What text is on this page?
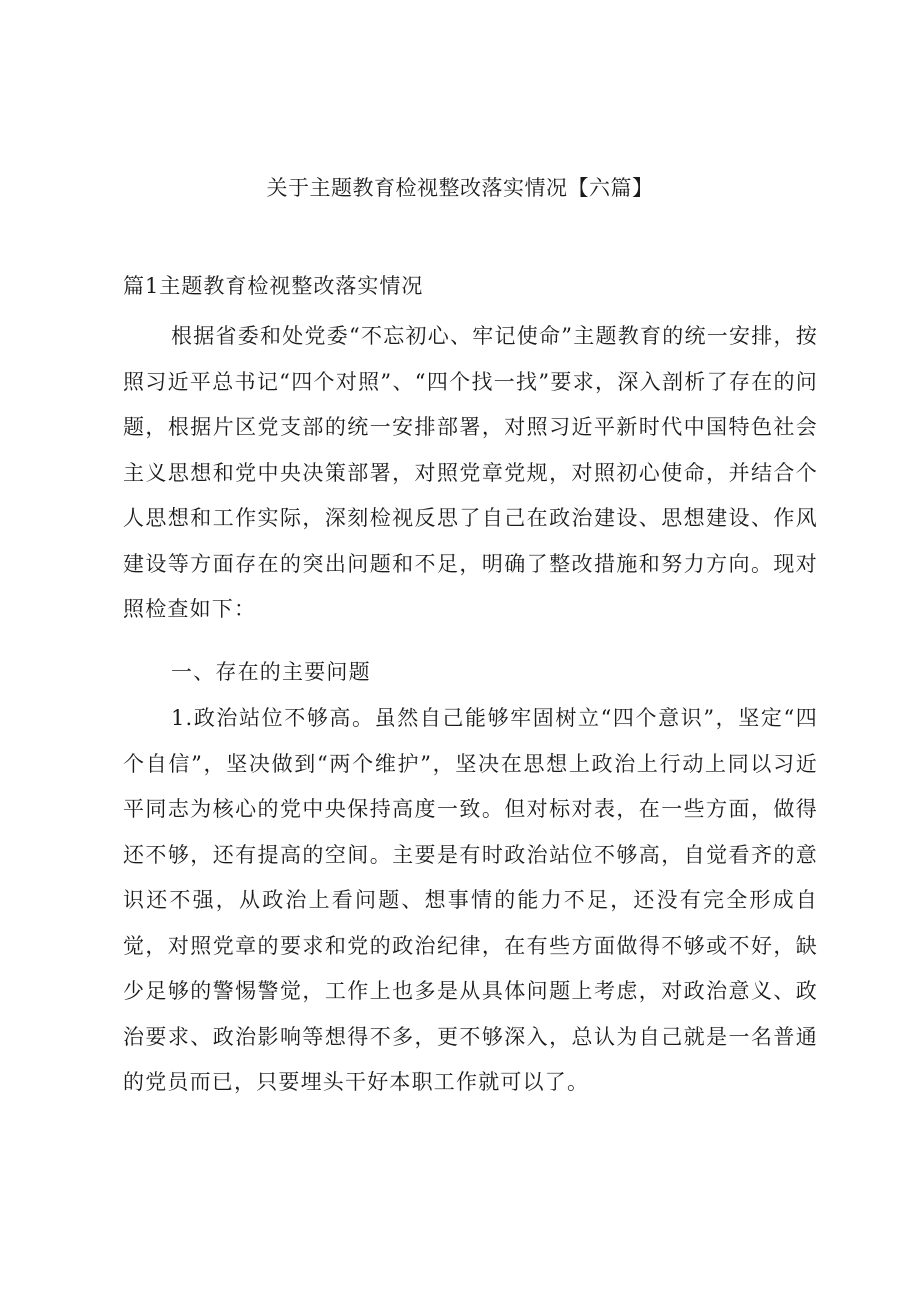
关于主题教育检视整改落实情况【六篇】
篇1主题教育检视整改落实情况

根据省委和处党委“不忘初心、牢记使命”主题教育的统一安排，按照习近平总书记“四个对照”、“四个找一找”要求，深入剖析了存在的问题，根据片区党支部的统一安排部署，对照习近平新时代中国特色社会主义思想和党中央决策部署，对照党章党规，对照初心使命，并结合个人思想和工作实际，深刻检视反思了自己在政治建设、思想建设、作风建设等方面存在的突出问题和不足，明确了整改措施和努力方向。现对照检查如下：

一、存在的主要问题

1.政治站位不够高。虽然自己能够牢固树立“四个意识”，坚定“四个自信”，坚决做到“两个维护”，坚决在思想上政治上行动上同以习近平同志为核心的党中央保持高度一致。但对标对表，在一些方面，做得还不够，还有提高的空间。主要是有时政治站位不够高，自觉看齐的意识还不强，从政治上看问题、想事情的能力不足，还没有完全形成自觉，对照党章的要求和党的政治纪律，在有些方面做得不够或不好，缺少足够的警惕警觉，工作上也多是从具体问题上考虑，对政治意义、政治要求、政治影响等想得不多，更不够深入，总认为自己就是一名普通的党员而已，只要埋头干好本职工作就可以了。
